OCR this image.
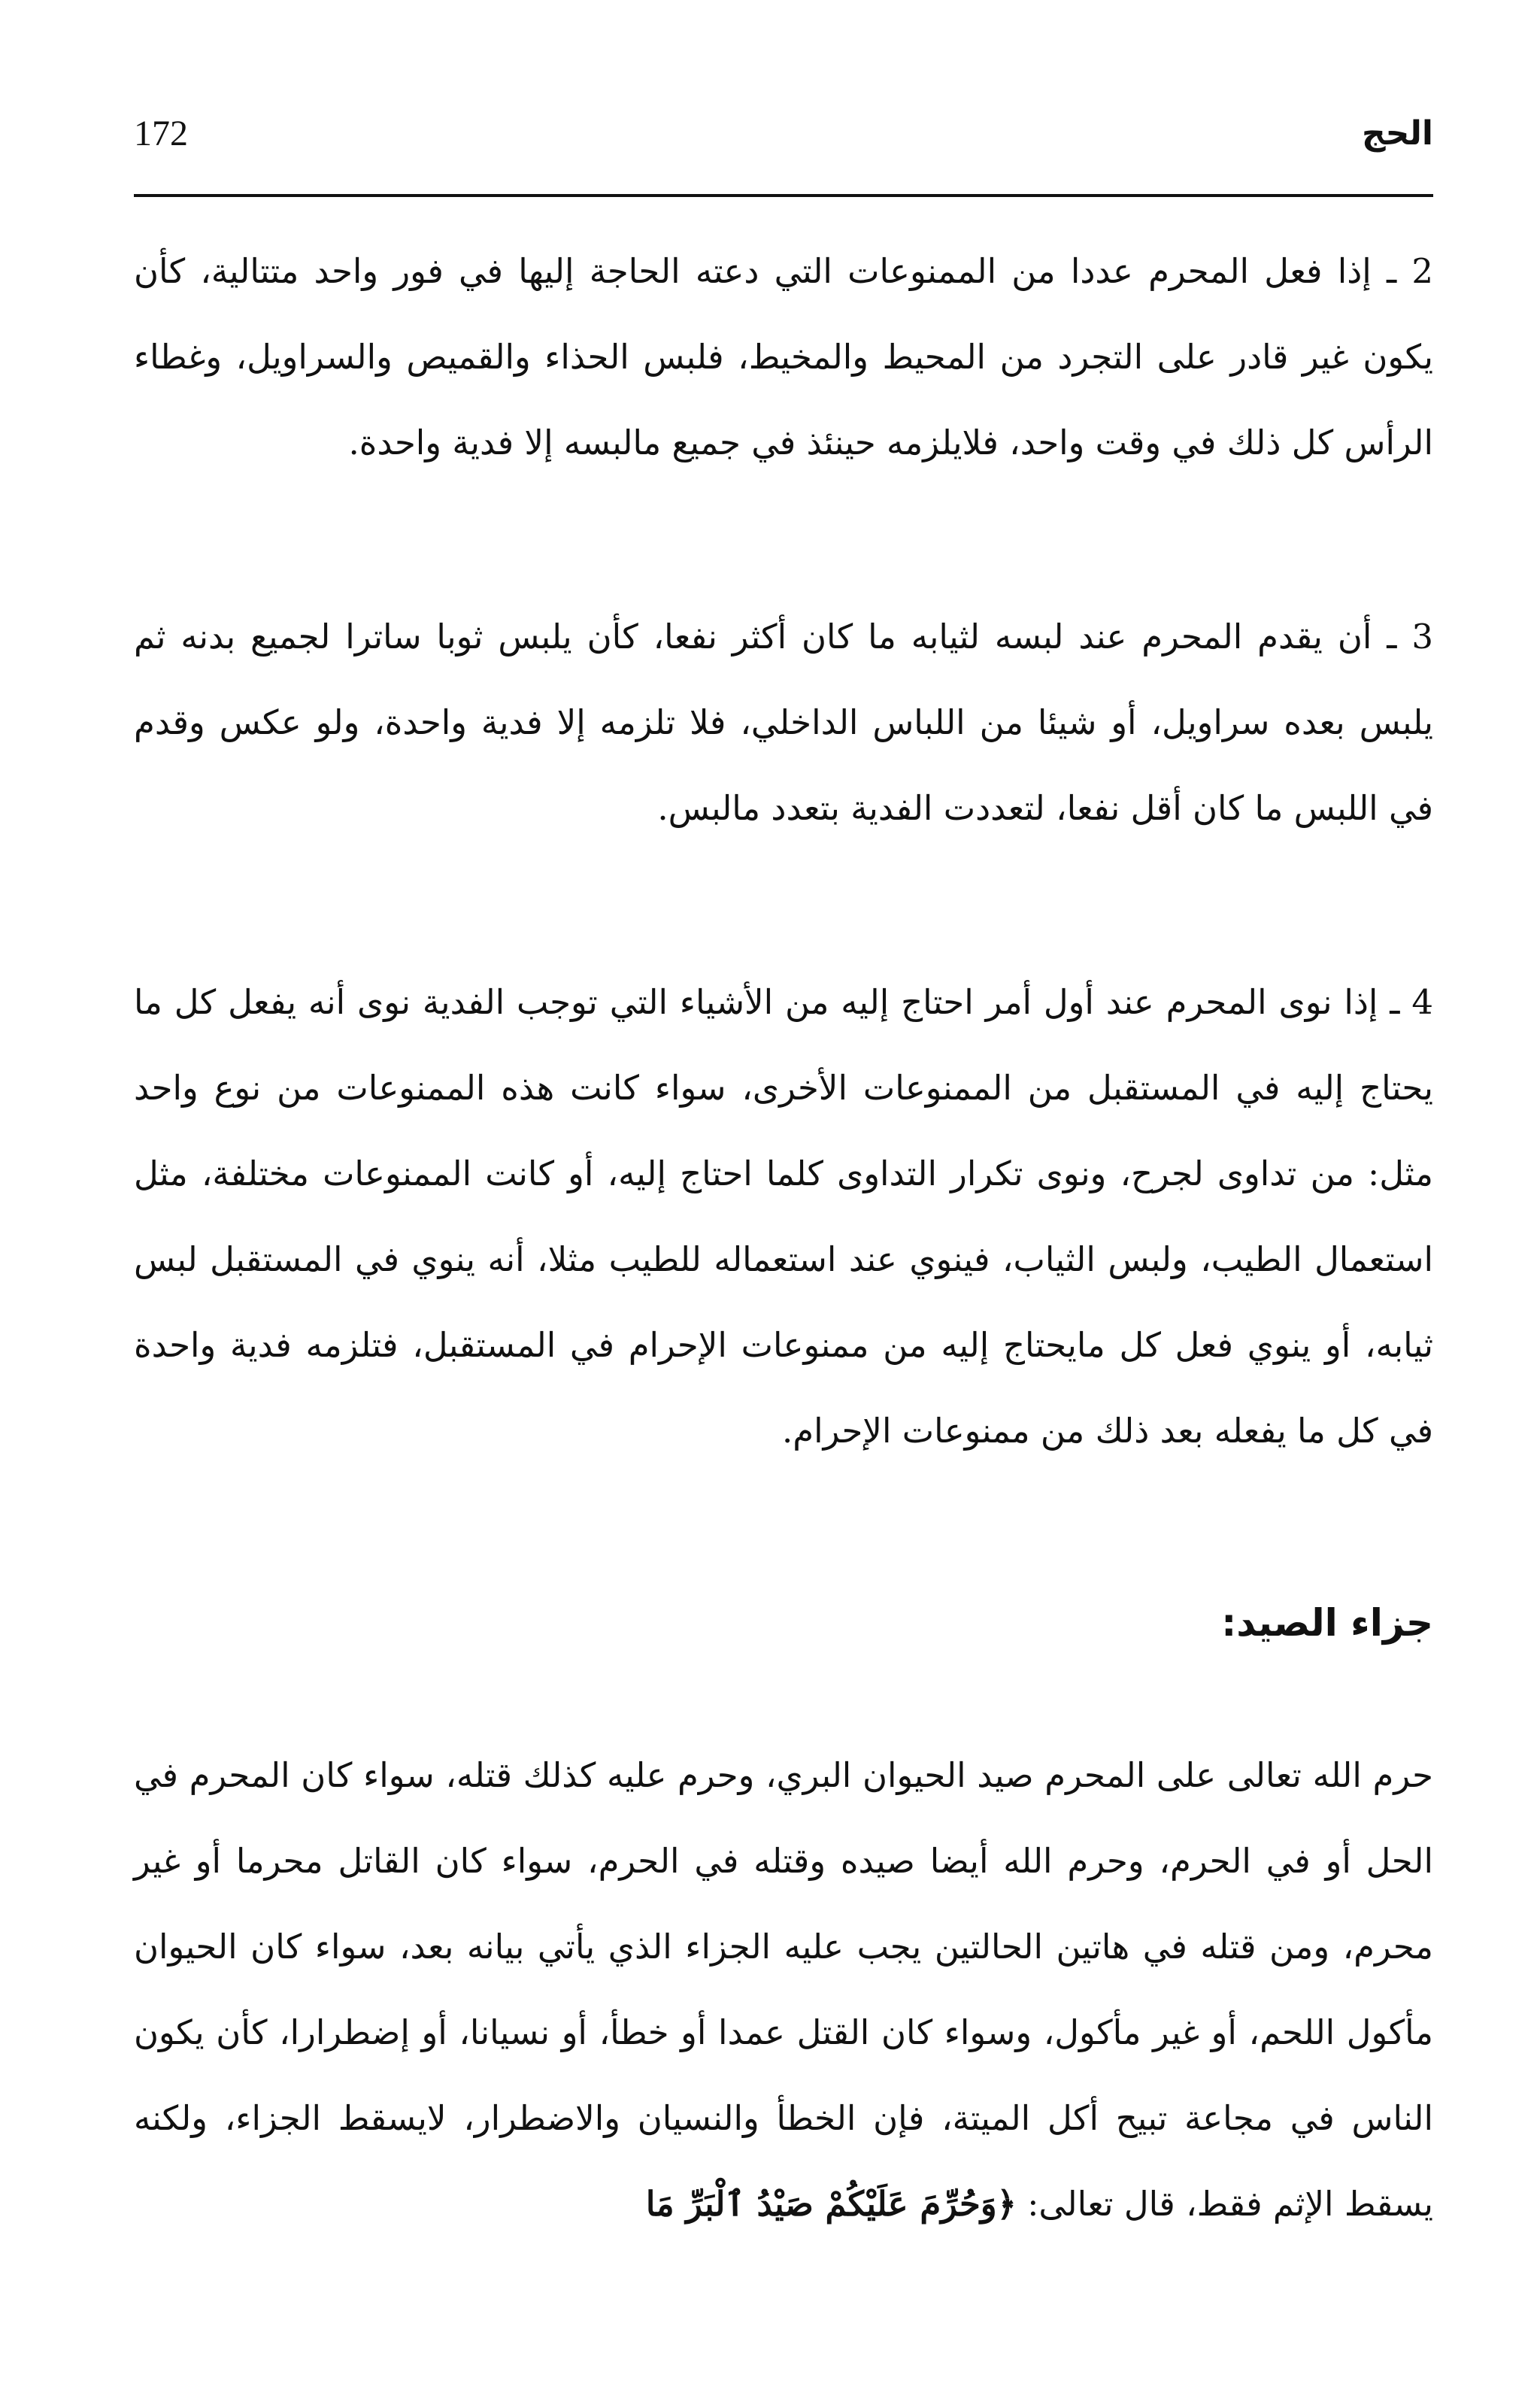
172	الحج
2 ـ إذا فعل المحرم عددا من الممنوعات التي دعته الحاجة إليها في فور واحد متتالية، كأن يكون غير قادر على التجرد من المحيط والمخيط، فلبس الحذاء والقميص والسراويل، وغطاء الرأس كل ذلك في وقت واحد، فلايلزمه حينئذ في جميع مالبسه إلا فدية واحدة.
3 ـ أن يقدم المحرم عند لبسه لثيابه ما كان أكثر نفعا، كأن يلبس ثوبا ساترا لجميع بدنه ثم يلبس بعده سراويل، أو شيئا من اللباس الداخلي، فلا تلزمه إلا فدية واحدة، ولو عكس وقدم في اللبس ما كان أقل نفعا، لتعددت الفدية بتعدد مالبس.
4 ـ إذا نوى المحرم عند أول أمر احتاج إليه من الأشياء التي توجب الفدية نوى أنه يفعل كل ما يحتاج إليه في المستقبل من الممنوعات الأخرى، سواء كانت هذه الممنوعات من نوع واحد مثل: من تداوى لجرح، ونوى تكرار التداوى كلما احتاج إليه، أو كانت الممنوعات مختلفة، مثل استعمال الطيب، ولبس الثياب، فينوي عند استعماله للطيب مثلا، أنه ينوي في المستقبل لبس ثيابه، أو ينوي فعل كل مايحتاج إليه من ممنوعات الإحرام في المستقبل، فتلزمه فدية واحدة في كل ما يفعله بعد ذلك من ممنوعات الإحرام.
جزاء الصيد:
حرم الله تعالى على المحرم صيد الحيوان البري، وحرم عليه كذلك قتله، سواء كان المحرم في الحل أو في الحرم، وحرم الله أيضا صيده وقتله في الحرم، سواء كان القاتل محرما أو غير محرم، ومن قتله في هاتين الحالتين يجب عليه الجزاء الذي يأتي بيانه بعد، سواء كان الحيوان مأكول اللحم، أو غير مأكول، وسواء كان القتل عمدا أو خطأ، أو نسيانا، أو إضطرارا، كأن يكون الناس في مجاعة تبيح أكل الميتة، فإن الخطأ والنسيان والاضطرار، لايسقط الجزاء، ولكنه يسقط الإثم فقط، قال تعالى: ﴿وَحُرِّمَ عَلَيْكُمْ صَيْدُ ٱلْبَرِّ مَا
